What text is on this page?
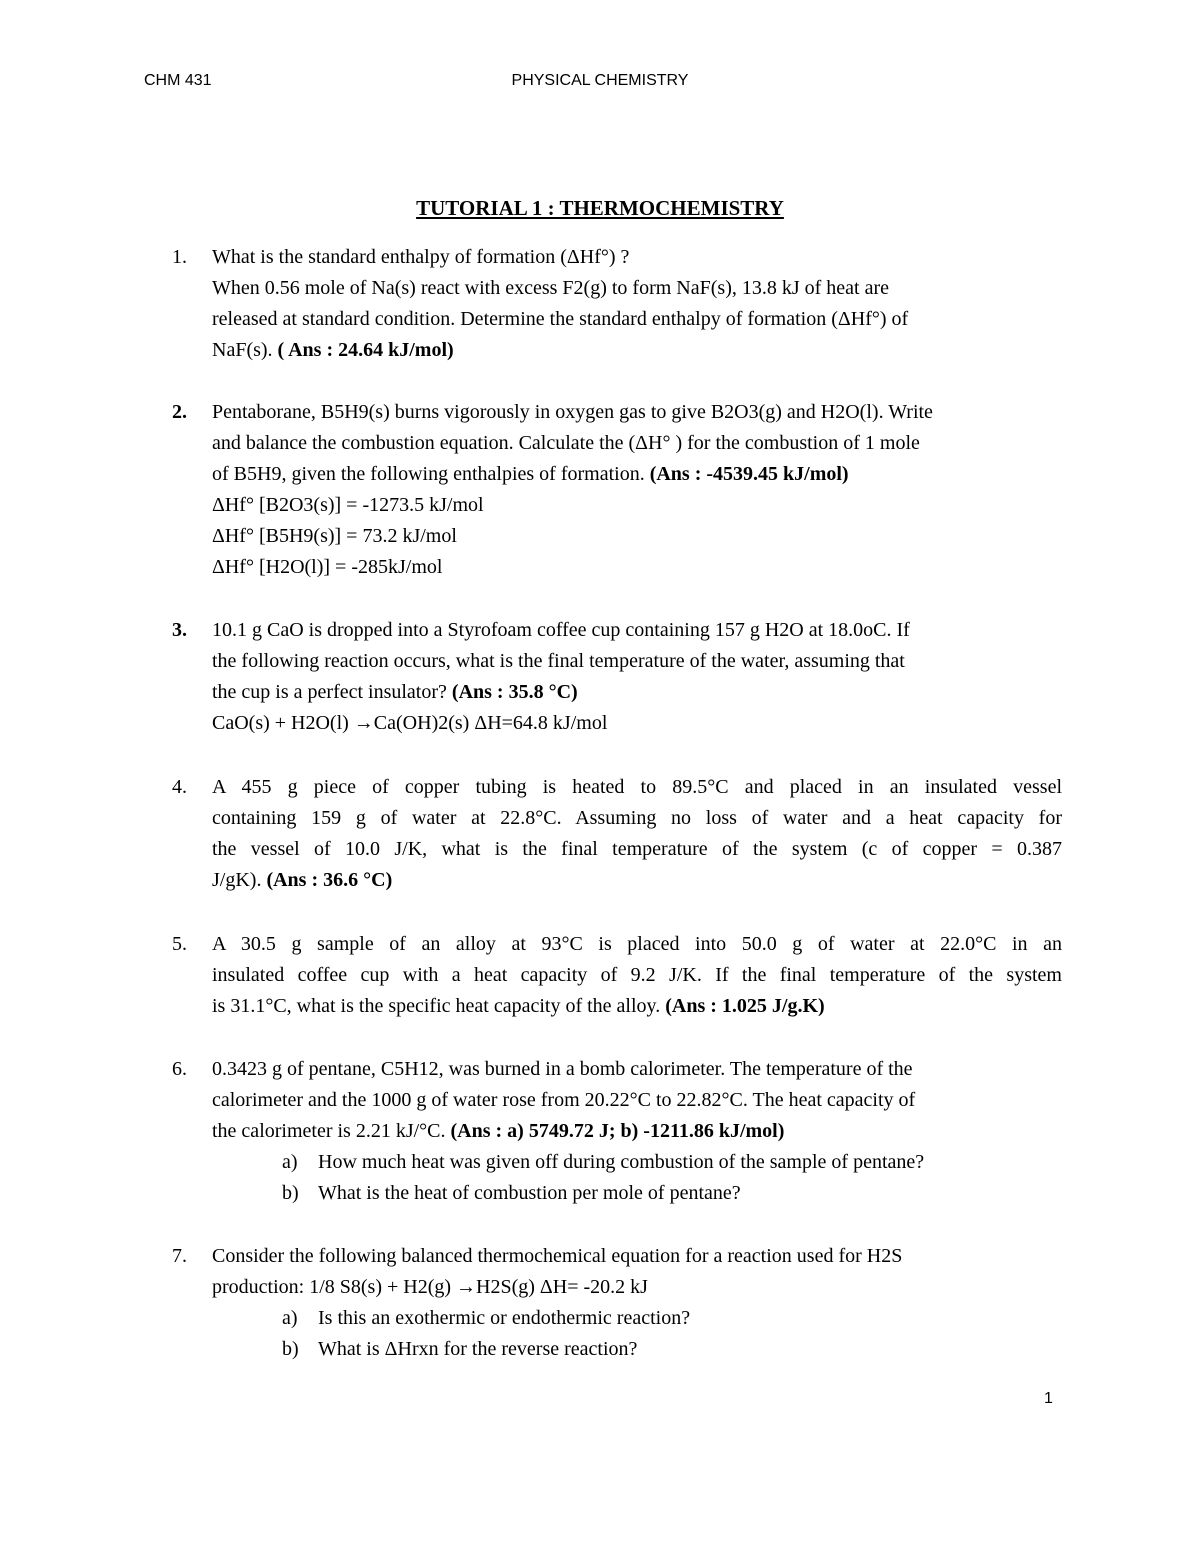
CHM 431	PHYSICAL CHEMISTRY
TUTORIAL 1 : THERMOCHEMISTRY
1.	What is the standard enthalpy of formation (ΔHf°) ?
When 0.56 mole of Na(s) react with excess F2(g) to form NaF(s), 13.8 kJ of heat are
released at standard condition. Determine the standard enthalpy of formation (ΔHf°) of
NaF(s). ( Ans : 24.64 kJ/mol)
2.	Pentaborane, B5H9(s) burns vigorously in oxygen gas to give B2O3(g) and H2O(l). Write
and balance the combustion equation. Calculate the (ΔH° ) for the combustion of 1 mole
of B5H9, given the following enthalpies of formation. (Ans : -4539.45 kJ/mol)
ΔHf° [B2O3(s)] = -1273.5 kJ/mol
ΔHf° [B5H9(s)] = 73.2 kJ/mol
ΔHf° [H2O(l)] = -285kJ/mol
3.	10.1 g CaO is dropped into a Styrofoam coffee cup containing 157 g H2O at 18.0oC. If
the following reaction occurs, what is the final temperature of the water, assuming that
the cup is a perfect insulator? (Ans : 35.8 °C)
CaO(s) + H2O(l) →Ca(OH)2(s) ΔH=64.8 kJ/mol
4.	A 455 g piece of copper tubing is heated to 89.5°C and placed in an insulated vessel
containing 159 g of water at 22.8°C. Assuming no loss of water and a heat capacity for
the vessel of 10.0 J/K, what is the final temperature of the system (c of copper = 0.387
J/gK). (Ans : 36.6 °C)
5.	A 30.5 g sample of an alloy at 93°C is placed into 50.0 g of water at 22.0°C in an
insulated coffee cup with a heat capacity of 9.2 J/K. If the final temperature of the system
is 31.1°C, what is the specific heat capacity of the alloy. (Ans : 1.025 J/g.K)
6.	0.3423 g of pentane, C5H12, was burned in a bomb calorimeter. The temperature of the
calorimeter and the 1000 g of water rose from 20.22°C to 22.82°C. The heat capacity of
the calorimeter is 2.21 kJ/°C. (Ans : a) 5749.72 J; b) -1211.86 kJ/mol)
a) How much heat was given off during combustion of the sample of pentane?
b) What is the heat of combustion per mole of pentane?
7.	Consider the following balanced thermochemical equation for a reaction used for H2S
production: 1/8 S8(s) + H2(g) →H2S(g) ΔH= -20.2 kJ
a) Is this an exothermic or endothermic reaction?
b) What is ΔHrxn for the reverse reaction?
1
